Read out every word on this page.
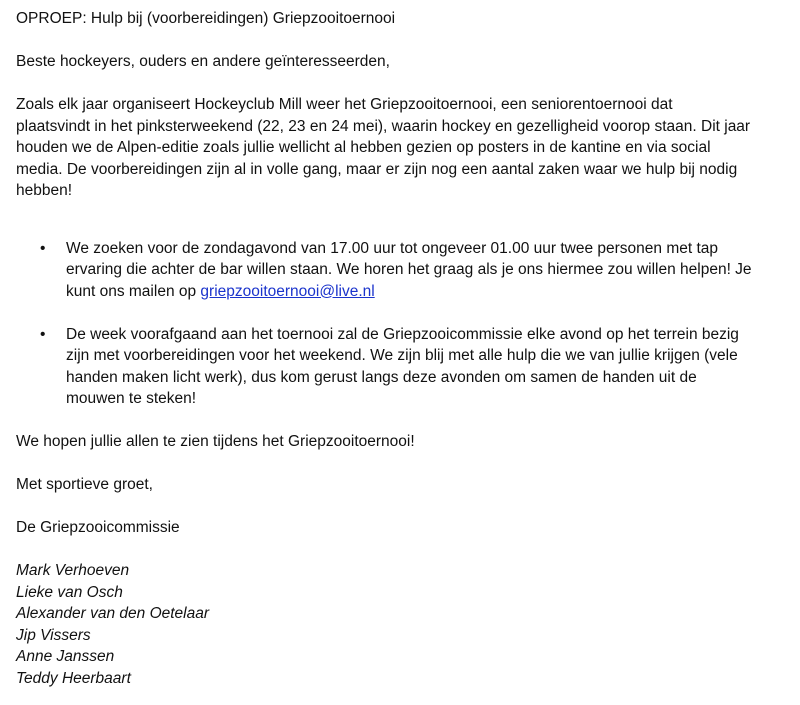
OPROEP: Hulp bij (voorbereidingen) Griepzooitoernooi
Beste hockeyers, ouders en andere geïnteresseerden,
Zoals elk jaar organiseert Hockeyclub Mill weer het Griepzooitoernooi, een seniorentoernooi dat
plaatsvindt in het pinksterweekend (22, 23 en 24 mei), waarin hockey en gezelligheid voorop staan. Dit jaar
houden we de Alpen-editie zoals jullie wellicht al hebben gezien op posters in de kantine en via social
media. De voorbereidingen zijn al in volle gang, maar er zijn nog een aantal zaken waar we hulp bij nodig
hebben!
• We zoeken voor de zondagavond van 17.00 uur tot ongeveer 01.00 uur twee personen met tap
ervaring die achter de bar willen staan. We horen het graag als je ons hiermee zou willen helpen! Je
kunt ons mailen op griepzooitoernooi@live.nl
• De week voorafgaand aan het toernooi zal de Griepzooicommissie elke avond op het terrein bezig
zijn met voorbereidingen voor het weekend. We zijn blij met alle hulp die we van jullie krijgen (vele
handen maken licht werk), dus kom gerust langs deze avonden om samen de handen uit de
mouwen te steken!
We hopen jullie allen te zien tijdens het Griepzooitoernooi!
Met sportieve groet,
De Griepzooicommissie
Mark Verhoeven
Lieke van Osch
Alexander van den Oetelaar
Jip Vissers
Anne Janssen
Teddy Heerbaart
